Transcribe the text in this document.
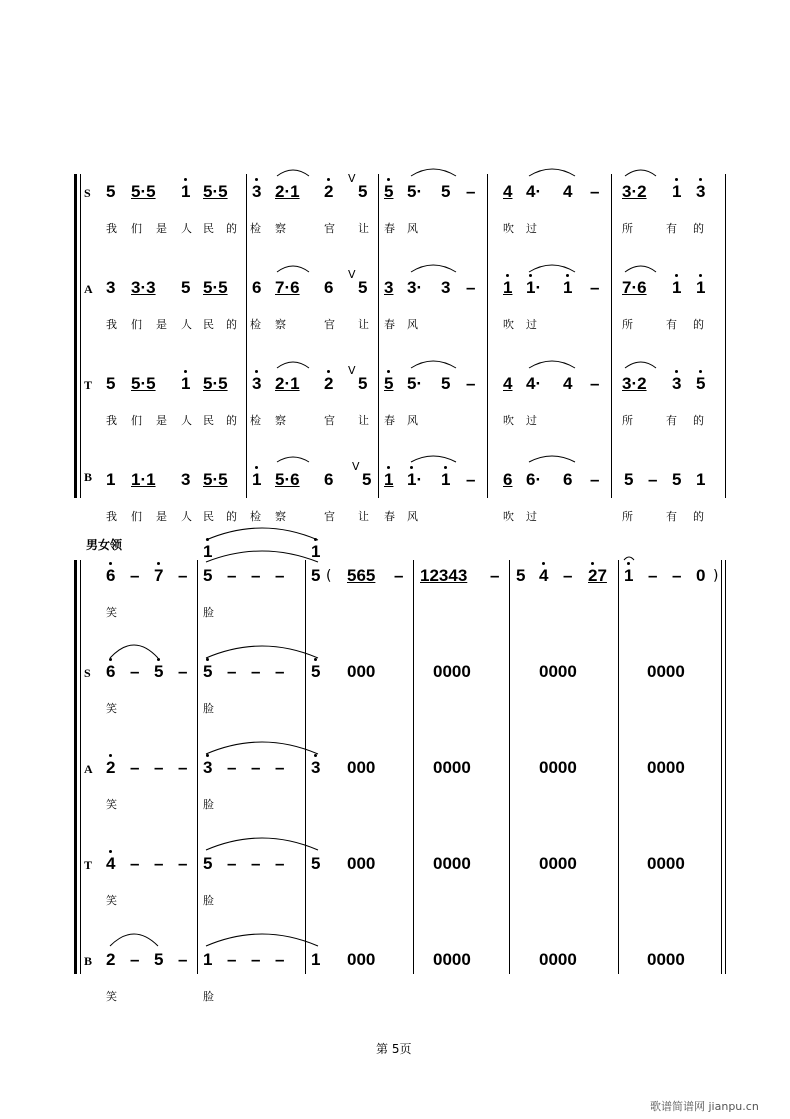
S 5 5·5 1 5·5 3 2·1 2
V
5 5 5· 5 – 4 4· 4 – 3·2 1 3
我 们 是 人 民 的 检 察	官 让 春 风	吹 过	所	有 的
A 3 3·3 5 5·5 6 7·6 6
V
5 3 3· 3 – 1 1· 1 – 7·6 1 1
我 们 是 人 民 的 检 察	官 让 春 风	吹 过	所	有 的
T 5 5·5 1 5·5 3 2·1 2
V
5 5 5· 5 – 4 4· 4 – 3·2 3 5
我 们 是 人 民 的 检 察	官 让 春 风	吹 过	所	有 的
B 1 1·1 3 5·5 1 5·6 6
V
5 1 1· 1 – 6 6· 6 – 5 – 5 1
我 们 是 人 民 的 检 察	官 让 春 风	吹 过	所	有 的
男女领	1	1
6 – 7 – 5 – – – 5 ( 565 – 12343 – 5 4 – 27 1 – – 0 )
笑	脸
S 6 – 5 – 5 – – – 5 000	0000	0000	0000
笑	脸
A 2 – – – 3 – – – 3 000	0000	0000	0000
笑	脸
T 4 – – – 5 – – – 5 000	0000	0000	0000
笑	脸
B 2 – 5 – 1 – – – 1 000	0000	0000	0000
笑	脸
第 5页
歌谱简谱网 jianpu.cn
